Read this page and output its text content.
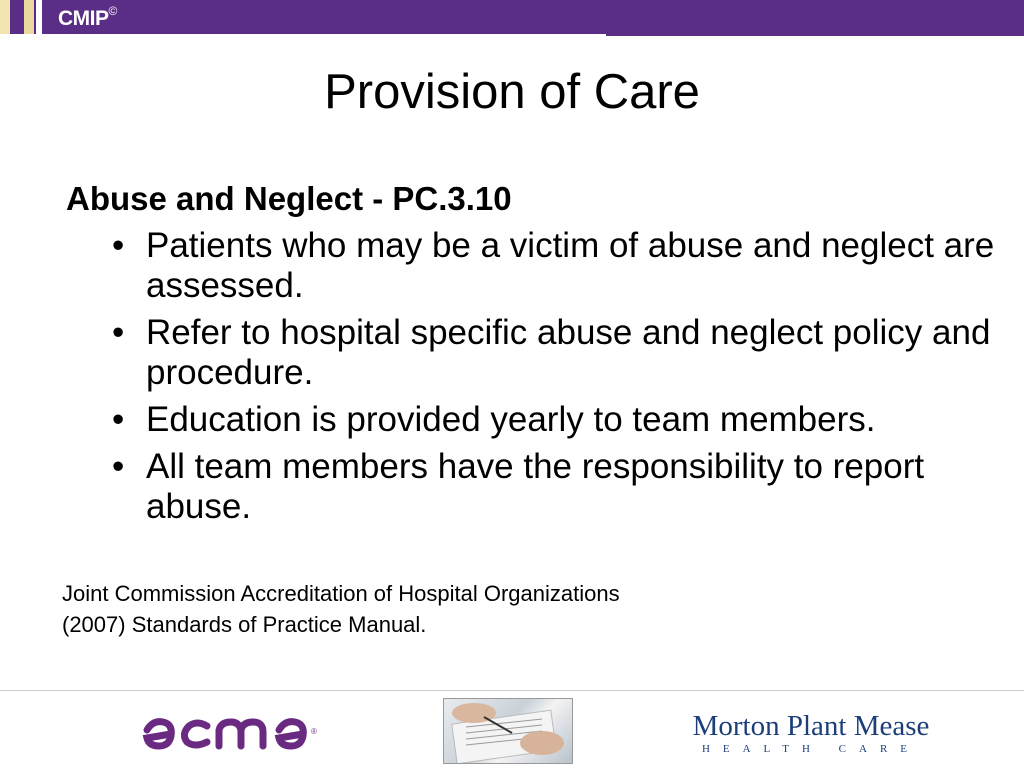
CMIP©
Provision of Care
Abuse and Neglect - PC.3.10
• Patients who may be a victim of abuse and neglect are assessed.
• Refer to hospital specific abuse and neglect policy and procedure.
• Education is provided yearly to team members.
• All team members have the responsibility to report abuse.
Joint Commission Accreditation of Hospital Organizations
(2007) Standards of Practice Manual.
®	Morton Plant Mease
HEALTH CARE
